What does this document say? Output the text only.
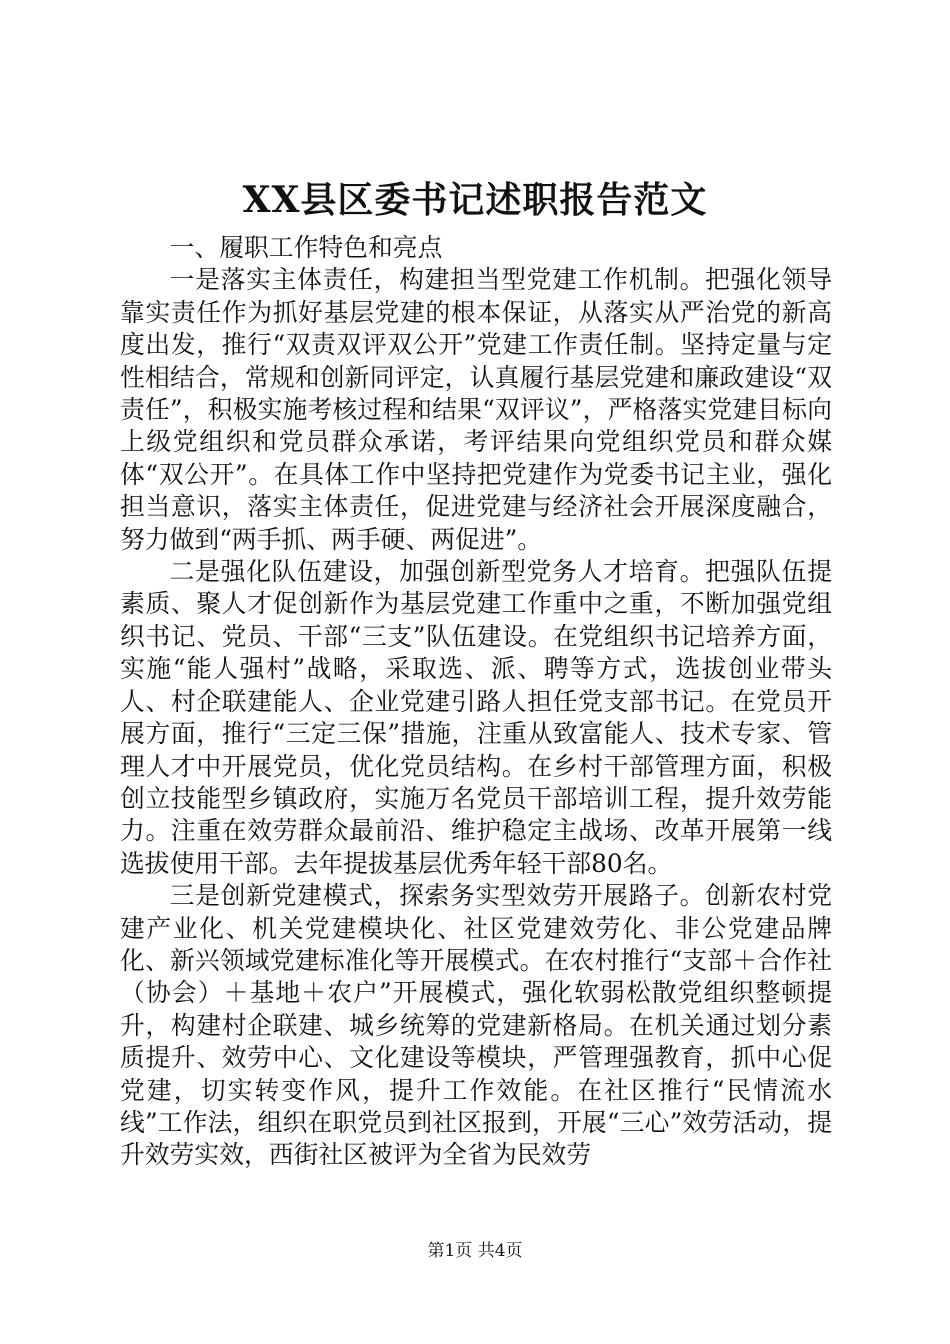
XX县区委书记述职报告范文

一、履职工作特色和亮点

一是落实主体责任，构建担当型党建工作机制。把强化领导靠实责任作为抓好基层党建的根本保证，从落实从严治党的新高度出发，推行“双责双评双公开”党建工作责任制。坚持定量与定性相结合，常规和创新同评定，认真履行基层党建和廉政建设“双责任”，积极实施考核过程和结果“双评议”，严格落实党建目标向上级党组织和党员群众承诺，考评结果向党组织党员和群众媒体“双公开”。在具体工作中坚持把党建作为党委书记主业，强化担当意识，落实主体责任，促进党建与经济社会开展深度融合，努力做到“两手抓、两手硬、两促进”。

二是强化队伍建设，加强创新型党务人才培育。把强队伍提素质、聚人才促创新作为基层党建工作重中之重，不断加强党组织书记、党员、干部“三支”队伍建设。在党组织书记培养方面，实施“能人强村”战略，采取选、派、聘等方式，选拔创业带头人、村企联建能人、企业党建引路人担任党支部书记。在党员开展方面，推行“三定三保”措施，注重从致富能人、技术专家、管理人才中开展党员，优化党员结构。在乡村干部管理方面，积极创立技能型乡镇政府，实施万名党员干部培训工程，提升效劳能力。注重在效劳群众最前沿、维护稳定主战场、改革开展第一线选拔使用干部。去年提拔基层优秀年轻干部80名。

三是创新党建模式，探索务实型效劳开展路子。创新农村党建产业化、机关党建模块化、社区党建效劳化、非公党建品牌化、新兴领域党建标准化等开展模式。在农村推行“支部＋合作社（协会）＋基地＋农户”开展模式，强化软弱松散党组织整顿提升，构建村企联建、城乡统筹的党建新格局。在机关通过划分素质提升、效劳中心、文化建设等模块，严管理强教育，抓中心促党建，切实转变作风，提升工作效能。在社区推行“民情流水线”工作法，组织在职党员到社区报到，开展“三心”效劳活动，提升效劳实效，西街社区被评为全省为民效劳

第1页 共4页
